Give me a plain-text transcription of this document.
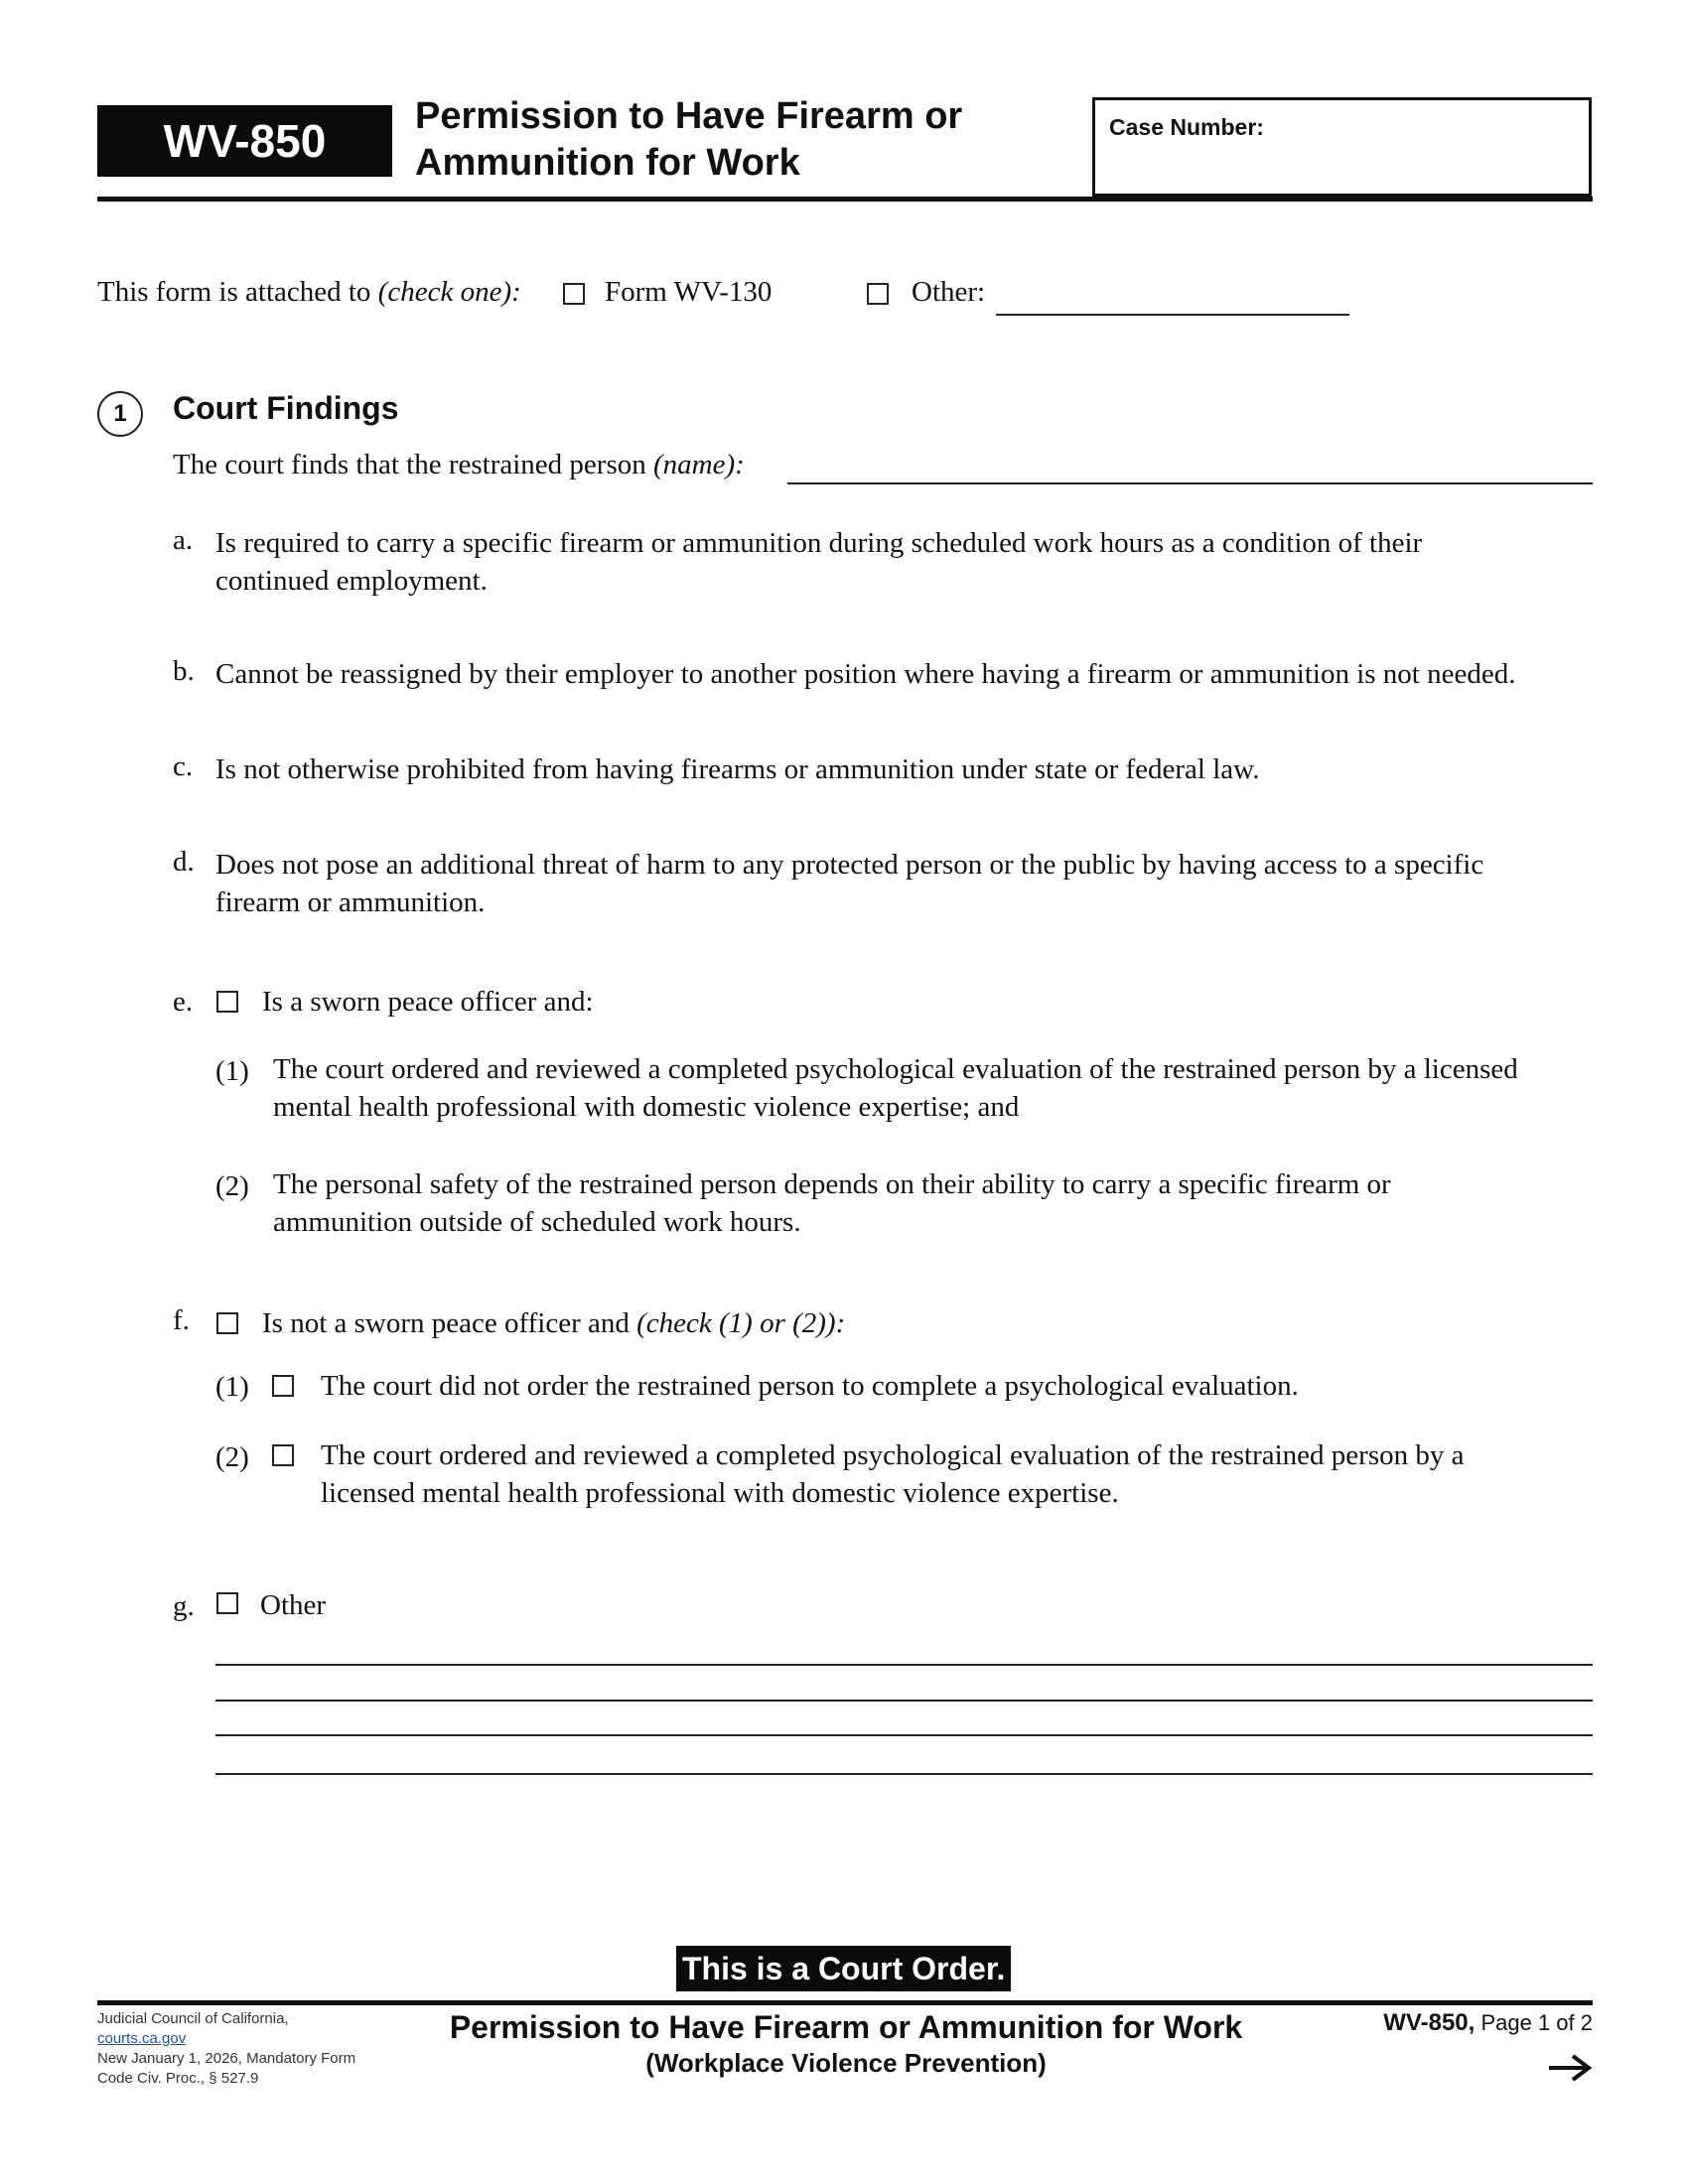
WV-850 Permission to Have Firearm or
Ammunition for Work
Case Number:
This form is attached to (check one):	Form WV-130	Other:
1 Court Findings
The court finds that the restrained person (name):
a. Is required to carry a specific firearm or ammunition during scheduled work hours as a condition of their
continued employment.
b. Cannot be reassigned by their employer to another position where having a firearm or ammunition is not needed.
c. Is not otherwise prohibited from having firearms or ammunition under state or federal law.
d. Does not pose an additional threat of harm to any protected person or the public by having access to a specific
firearm or ammunition.
e. Is a sworn peace officer and:
(1) The court ordered and reviewed a completed psychological evaluation of the restrained person by a licensed
mental health professional with domestic violence expertise; and
(2) The personal safety of the restrained person depends on their ability to carry a specific firearm or
ammunition outside of scheduled work hours.
f.	Is not a sworn peace officer and (check (1) or (2)):
(1) The court did not order the restrained person to complete a psychological evaluation.
(2) The court ordered and reviewed a completed psychological evaluation of the restrained person by a
licensed mental health professional with domestic violence expertise.
g. Other
This is a Court Order.
Judicial Council of California,
courts.ca.gov
New January 1, 2026, Mandatory Form
Code Civ. Proc., § 527.9
Permission to Have Firearm or Ammunition for Work
(Workplace Violence Prevention)
WV-850, Page 1 of 2
